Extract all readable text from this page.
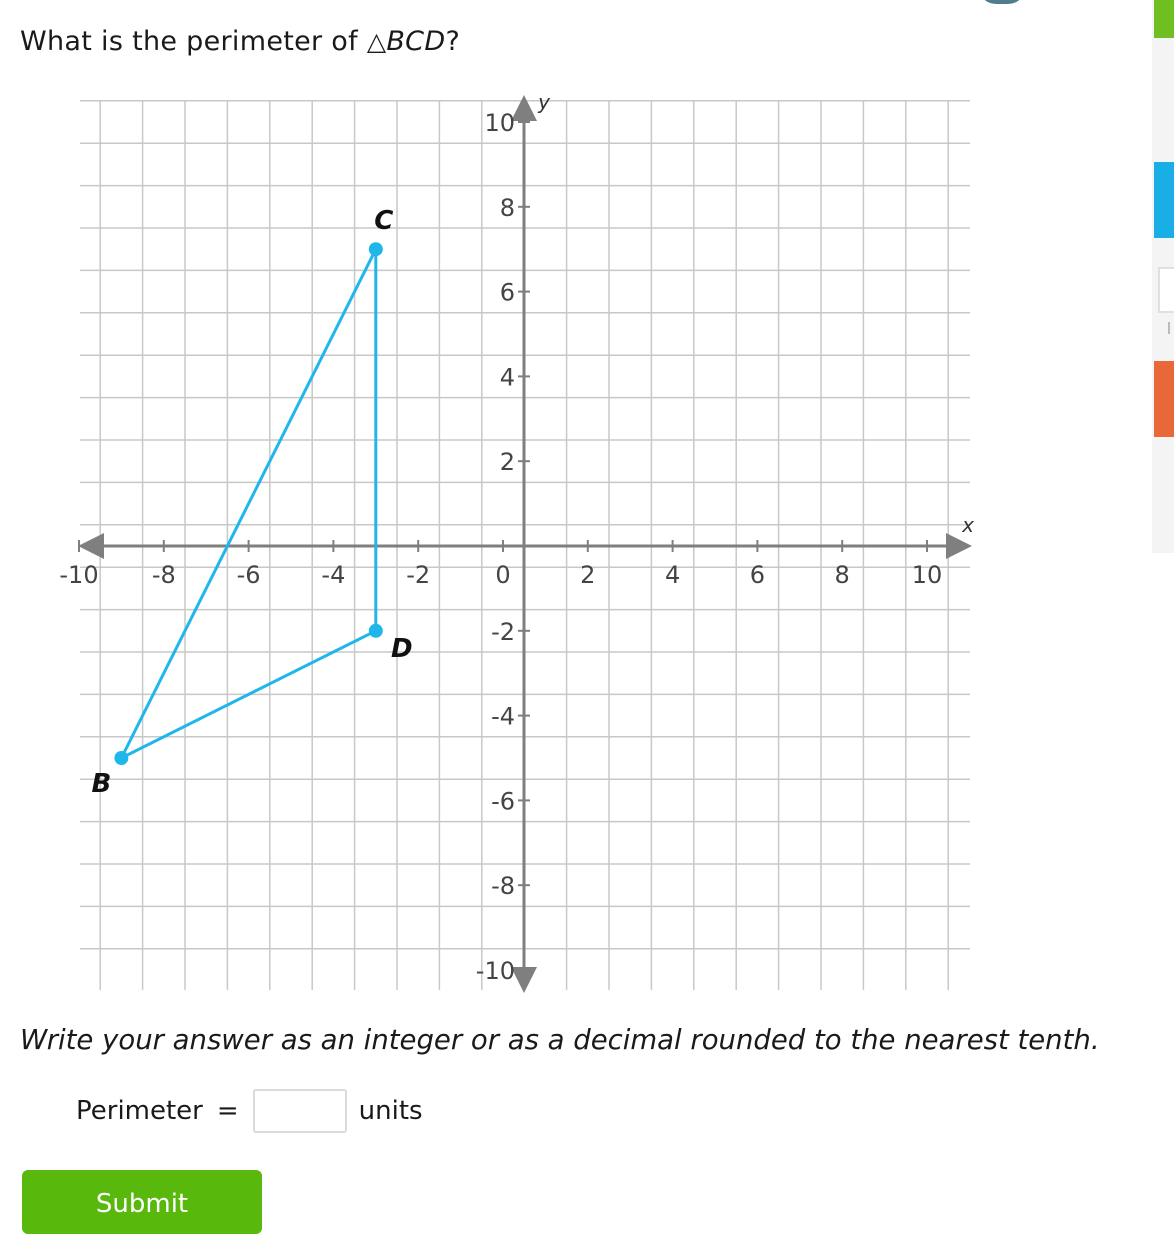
What is the perimeter of △BCD?
x
y
-10 -8	-6	-4	-2	0	2	4	6	8	10
10
8
6
4
2
-2
-4
-6
-8
-10
B
C
D
Write your answer as an integer or as a decimal rounded to the nearest tenth.
Perimeter =	units
Submit
